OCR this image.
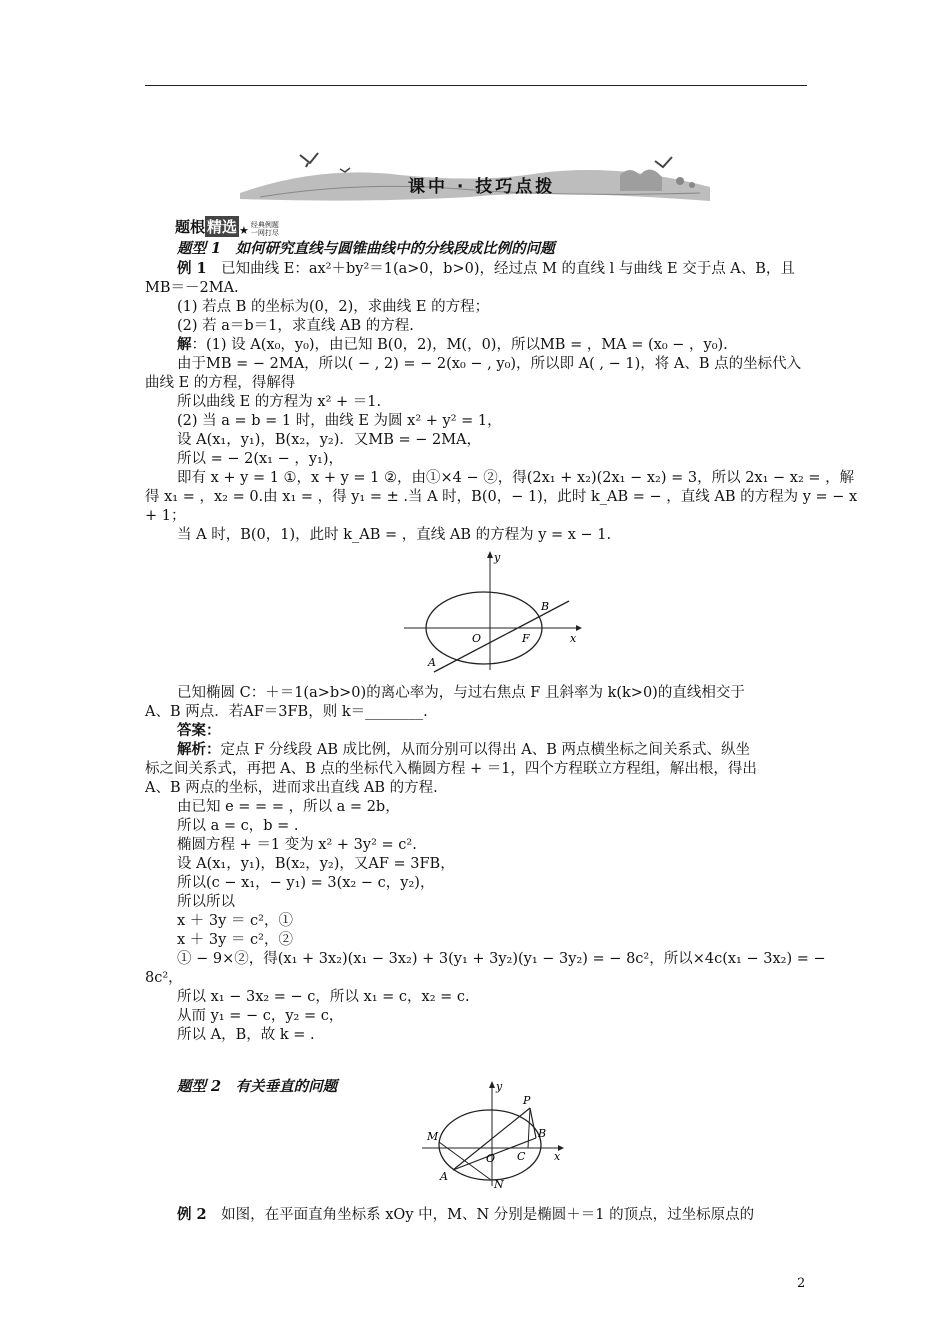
课中 · 技巧点拨
题根 精选 ★ 经典例题
一网打尽
题型 1　如何研究直线与圆锥曲线中的分线段成比例的问题
例 1　已知曲线 E：ax²＋by²＝1(a>0，b>0)，经过点 M 的直线 l 与曲线 E 交于点 A、B，且
MB＝－2MA.
(1) 若点 B 的坐标为(0，2)，求曲线 E 的方程；
(2) 若 a＝b＝1，求直线 AB 的方程.
解：(1) 设 A(x₀，y₀)，由已知 B(0，2)，M(，0)，所以MB = ，MA = (x₀ − ，y₀).
由于MB = − 2MA，所以( − , 2) = − 2(x₀ − , y₀)，所以即 A( , − 1)，将 A、B 点的坐标代入
曲线 E 的方程，得解得
所以曲线 E 的方程为 x² + ＝1.
(2) 当 a = b = 1 时，曲线 E 为圆 x² + y² = 1，
设 A(x₁，y₁)，B(x₂，y₂)．又MB = − 2MA，
所以 = − 2(x₁ − ，y₁)，
即有 x + y = 1 ①，x + y = 1 ②，由①×4 − ②，得(2x₁ + x₂)(2x₁ − x₂) = 3，所以 2x₁ − x₂ = ，解
得 x₁ = ，x₂ = 0.由 x₁ = ，得 y₁ = ± .当 A 时，B(0，− 1)，此时 k_AB = − ，直线 AB 的方程为 y = − x
+ 1；
当 A 时，B(0，1)，此时 k_AB = ，直线 AB 的方程为 y = x − 1.
已知椭圆 C：＋＝1(a>b>0)的离心率为，与过右焦点 F 且斜率为 k(k>0)的直线相交于
A、B 两点．若AF＝3FB，则 k＝________.
答案：
解析：定点 F 分线段 AB 成比例，从而分别可以得出 A、B 两点横坐标之间关系式、纵坐
标之间关系式，再把 A、B 点的坐标代入椭圆方程 + ＝1，四个方程联立方程组，解出根，得出
A、B 两点的坐标，进而求出直线 AB 的方程.
由已知 e = = = ，所以 a = 2b，
所以 a = c，b = .
椭圆方程 + ＝1 变为 x² + 3y² = c².
设 A(x₁，y₁)，B(x₂，y₂)，又AF = 3FB，
所以(c − x₁，− y₁) = 3(x₂ − c，y₂)，
所以所以
x ＋ 3y ＝ c²，①
x ＋ 3y ＝ c²，②
① − 9×②，得(x₁ + 3x₂)(x₁ − 3x₂) + 3(y₁ + 3y₂)(y₁ − 3y₂) = − 8c²，所以×4c(x₁ − 3x₂) = −
8c²，
所以 x₁ − 3x₂ = − c，所以 x₁ = c，x₂ = c.
从而 y₁ = − c，y₂ = c，
所以 A，B，故 k = .
题型 2　有关垂直的问题
例 2　如图，在平面直角坐标系 xOy 中，M、N 分别是椭圆＋＝1 的顶点，过坐标原点的
y
x
O	F
B
A
y
x
O
M
N
P
B
C
A
2
